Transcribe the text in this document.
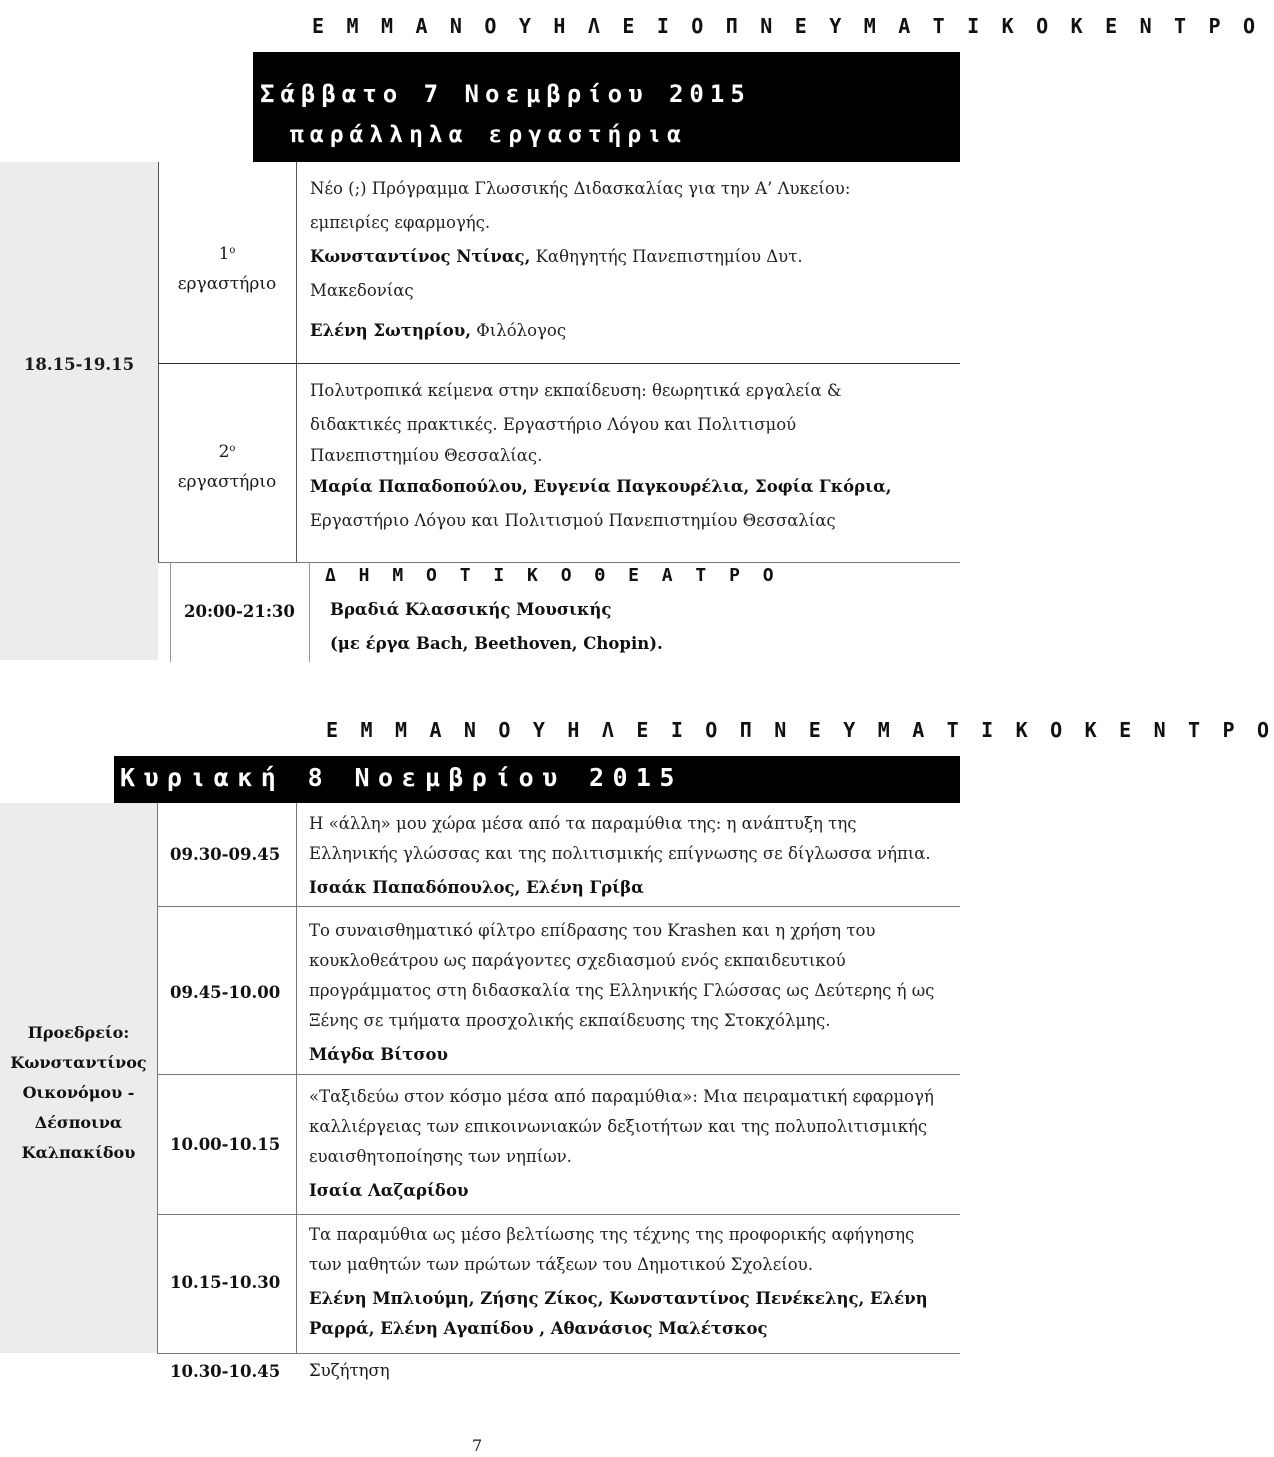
Ε Μ Μ Α Ν Ο Υ Η Λ Ε Ι Ο Π Ν Ε Υ Μ Α Τ Ι Κ Ο Κ Ε Ν Τ Ρ Ο
Σάββατο 7 Νοεμβρίου 2015
παράλληλα εργαστήρια
18.15-19.15
$1^o$
εργαστήριο
Νέο (;) Πρόγραμμα Γλωσσικής Διδασκαλίας για την Α’ Λυκείου:
εμπειρίες εφαρμογής.
Κωνσταντίνος Ντίνας, Καθηγητής Πανεπιστημίου Δυτ.
Μακεδονίας
Ελένη Σωτηρίου, Φιλόλογος
$2^o$
εργαστήριο
Πολυτροπικά κείμενα στην εκπαίδευση: θεωρητικά εργαλεία &
διδακτικές πρακτικές. Εργαστήριο Λόγου και Πολιτισμού
Πανεπιστημίου Θεσσαλίας.
Μαρία Παπαδοπούλου, Ευγενία Παγκουρέλια, Σοφία Γκόρια,
Εργαστήριο Λόγου και Πολιτισμού Πανεπιστημίου Θεσσαλίας
20:00-21:30
Δ Η Μ Ο Τ Ι Κ Ο Θ Ε Α Τ Ρ Ο
Βραδιά Κλασσικής Μουσικής
(με έργα Bach, Beethoven, Chopin).
Ε Μ Μ Α Ν Ο Υ Η Λ Ε Ι Ο Π Ν Ε Υ Μ Α Τ Ι Κ Ο Κ Ε Ν Τ Ρ Ο
Κυριακή 8 Νοεμβρίου 2015
Προεδρείο:
Κωνσταντίνος
Οικονόμου -
Δέσποινα
Καλπακίδου
09.30-09.45
09.45-10.00
10.00-10.15
10.15-10.30
Η «άλλη» μου χώρα μέσα από τα παραμύθια της: η ανάπτυξη της
Ελληνικής γλώσσας και της πολιτισμικής επίγνωσης σε δίγλωσσα νήπια.
Ισαάκ Παπαδόπουλος, Ελένη Γρίβα
Το συναισθηματικό φίλτρο επίδρασης του Krashen και η χρήση του
κουκλοθεάτρου ως παράγοντες σχεδιασμού ενός εκπαιδευτικού
προγράμματος στη διδασκαλία της Ελληνικής Γλώσσας ως Δεύτερης ή ως
Ξένης σε τμήματα προσχολικής εκπαίδευσης της Στοκχόλμης.
Μάγδα Βίτσου
«Ταξιδεύω στον κόσμο μέσα από παραμύθια»: Μια πειραματική εφαρμογή
καλλιέργειας των επικοινωνιακών δεξιοτήτων και της πολυπολιτισμικής
ευαισθητοποίησης των νηπίων.
Ισαία Λαζαρίδου
Τα παραμύθια ως μέσο βελτίωσης της τέχνης της προφορικής αφήγησης
των μαθητών των πρώτων τάξεων του Δημοτικού Σχολείου.
Ελένη Μπλιούμη, Ζήσης Ζίκος, Κωνσταντίνος Πενέκελης, Ελένη
Ραρρά, Ελένη Αγαπίδου , Αθανάσιος Μαλέτσκος
10.30-10.45 Συζήτηση
7
